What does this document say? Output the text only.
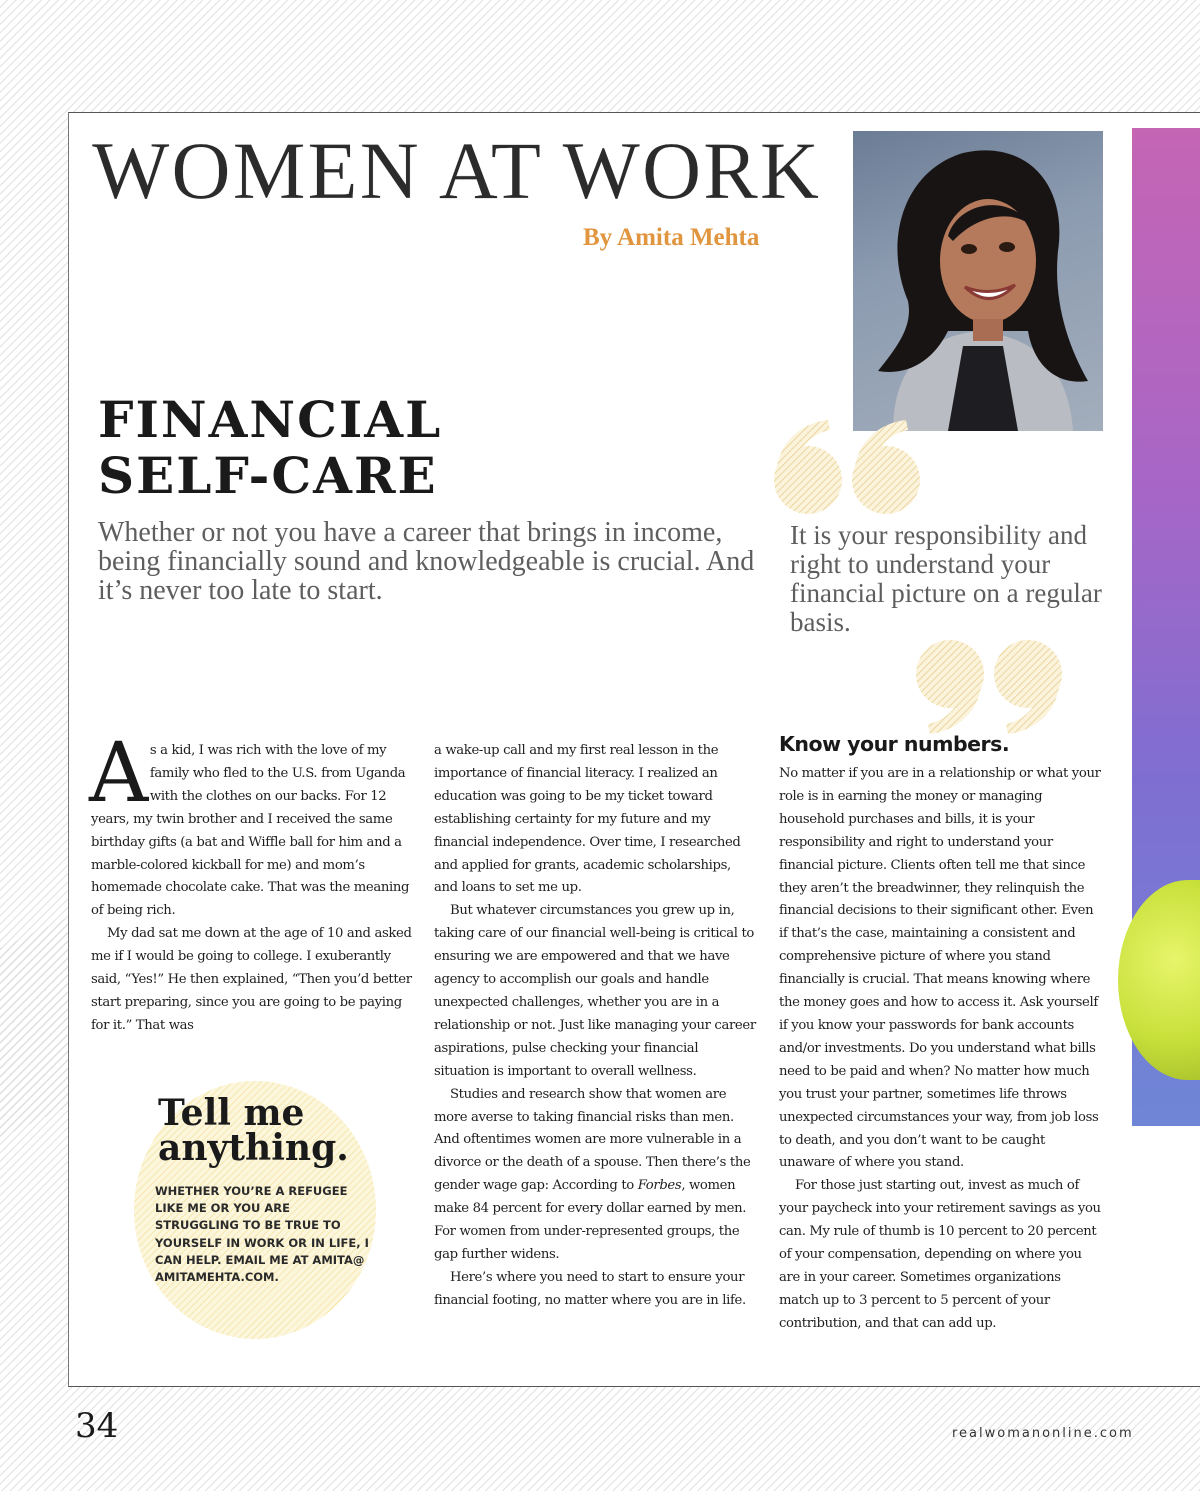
WOMEN AT WORK
By Amita Mehta
FINANCIAL
SELF-CARE

Whether or not you have a career that brings in income, being financially sound and knowledgeable is crucial. And it’s never too late to start.

It is your responsibility and right to understand your financial picture on a regular basis.

As a kid, I was rich with the love of my family who fled to the U.S. from Uganda with the clothes on our backs. For 12 years, my twin brother and I received the same birthday gifts (a bat and Wiffle ball for him and a marble-colored kickball for me) and mom’s homemade chocolate cake. That was the meaning of being rich.

My dad sat me down at the age of 10 and asked me if I would be going to college. I exuberantly said, “Yes!” He then explained, “Then you’d better start preparing, since you are going to be paying for it.” That was

a wake-up call and my first real lesson in the importance of financial literacy. I realized an education was going to be my ticket toward establishing certainty for my future and my financial independence. Over time, I researched and applied for grants, academic scholarships, and loans to set me up.

But whatever circumstances you grew up in, taking care of our financial well-being is critical to ensuring we are empowered and that we have agency to accomplish our goals and handle unexpected challenges, whether you are in a relationship or not. Just like managing your career aspirations, pulse checking your financial situation is important to overall wellness.

Studies and research show that women are more averse to taking financial risks than men. And oftentimes women are more vulnerable in a divorce or the death of a spouse. Then there’s the gender wage gap: According to Forbes, women make 84 percent for every dollar earned by men. For women from under-represented groups, the gap further widens.

Here’s where you need to start to ensure your financial footing, no matter where you are in life.

Know your numbers.

No matter if you are in a relationship or what your role is in earning the money or managing household purchases and bills, it is your responsibility and right to understand your financial picture. Clients often tell me that since they aren’t the breadwinner, they relinquish the financial decisions to their significant other. Even if that’s the case, maintaining a consistent and comprehensive picture of where you stand financially is crucial. That means knowing where the money goes and how to access it. Ask yourself if you know your passwords for bank accounts and/or investments. Do you understand what bills need to be paid and when? No matter how much you trust your partner, sometimes life throws unexpected circumstances your way, from job loss to death, and you don’t want to be caught unaware of where you stand.

For those just starting out, invest as much of your paycheck into your retirement savings as you can. My rule of thumb is 10 percent to 20 percent of your compensation, depending on where you are in your career. Sometimes organizations match up to 3 percent to 5 percent of your contribution, and that can add up.

Tell me
anything.

WHETHER YOU’RE A REFUGEE LIKE ME OR YOU ARE STRUGGLING TO BE TRUE TO YOURSELF IN WORK OR IN LIFE, I CAN HELP. EMAIL ME AT AMITA@ AMITAMEHTA.COM.

34	realwomanonline.com
